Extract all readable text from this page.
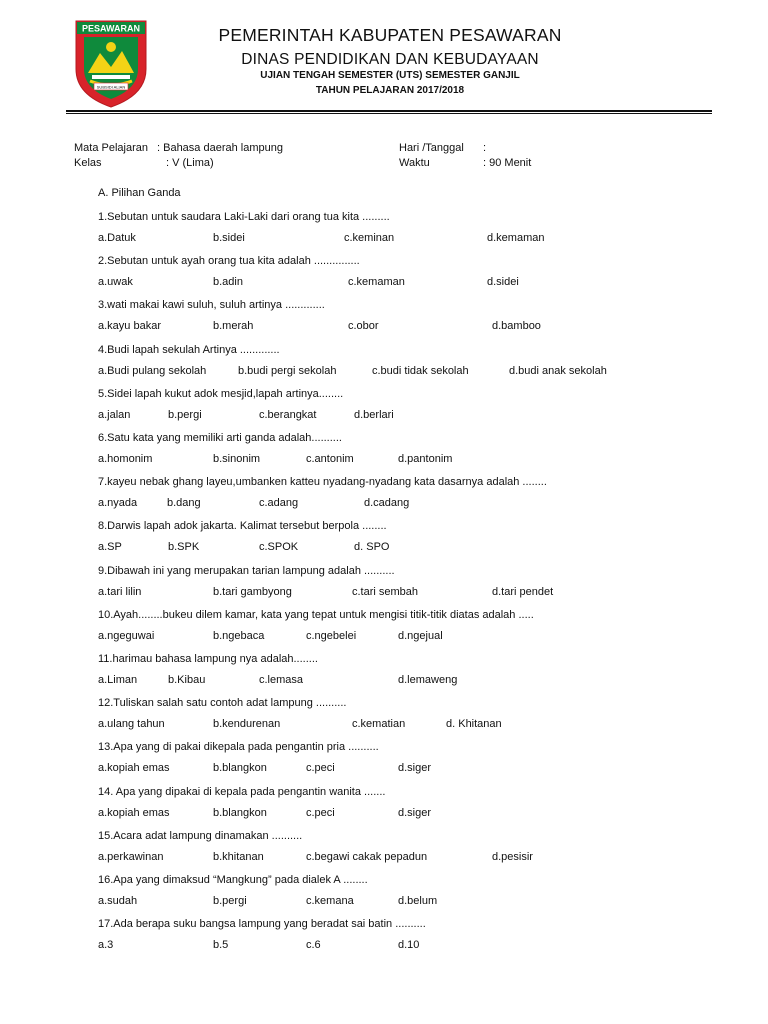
PESAWARAN
SUBSIDI ALIAN
PEMERINTAH KABUPATEN PESAWARAN
DINAS PENDIDIKAN DAN KEBUDAYAAN
UJIAN TENGAH SEMESTER (UTS) SEMESTER GANJIL
TAHUN PELAJARAN 2017/2018
Mata Pelajaran : Bahasa daerah lampung
Kelas	: V (Lima)
Hari /Tanggal :
Waktu	: 90 Menit
A. Pilihan Ganda
1.Sebutan untuk saudara Laki-Laki dari orang tua kita .........
a.Datuk	b.sidei	c.keminan	d.kemaman
2.Sebutan untuk ayah orang tua kita adalah ...............
a.uwak	b.adin	c.kemaman	d.sidei
3.wati makai kawi suluh, suluh artinya .............
a.kayu bakar	b.merah	c.obor	d.bamboo
4.Budi lapah sekulah Artinya .............
a.Budi pulang sekolah	b.budi pergi sekolah	c.budi tidak sekolah	d.budi anak sekolah
5.Sidei lapah kukut adok mesjid,lapah artinya........
a.jalan	b.pergi	c.berangkat	d.berlari
6.Satu kata yang memiliki arti ganda adalah..........
a.homonim	b.sinonim	c.antonim	d.pantonim
7.kayeu nebak ghang layeu,umbanken katteu nyadang-nyadang kata dasarnya adalah ........
a.nyada	b.dang	c.adang	d.cadang
8.Darwis lapah adok jakarta. Kalimat tersebut berpola ........
a.SP	b.SPK	c.SPOK	d. SPO
9.Dibawah ini yang merupakan tarian lampung adalah ..........
a.tari lilin	b.tari gambyong	c.tari sembah	d.tari pendet
10.Ayah........bukeu dilem kamar, kata yang tepat untuk mengisi titik-titik diatas adalah .....
a.ngeguwai	b.ngebaca	c.ngebelei	d.ngejual
11.harimau bahasa lampung nya adalah........
a.Liman	b.Kibau	c.lemasa	d.lemaweng
12.Tuliskan salah satu contoh adat lampung ..........
a.ulang tahun	b.kendurenan	c.kematian	d. Khitanan
13.Apa yang di pakai dikepala pada pengantin pria ..........
a.kopiah emas	b.blangkon	c.peci	d.siger
14. Apa yang dipakai di kepala pada pengantin wanita .......
a.kopiah emas	b.blangkon	c.peci	d.siger
15.Acara adat lampung dinamakan ..........
a.perkawinan	b.khitanan	c.begawi cakak pepadun	d.pesisir
16.Apa yang dimaksud “Mangkung” pada dialek A ........
a.sudah	b.pergi	c.kemana	d.belum
17.Ada berapa suku bangsa lampung yang beradat sai batin ..........
a.3	b.5	c.6	d.10
